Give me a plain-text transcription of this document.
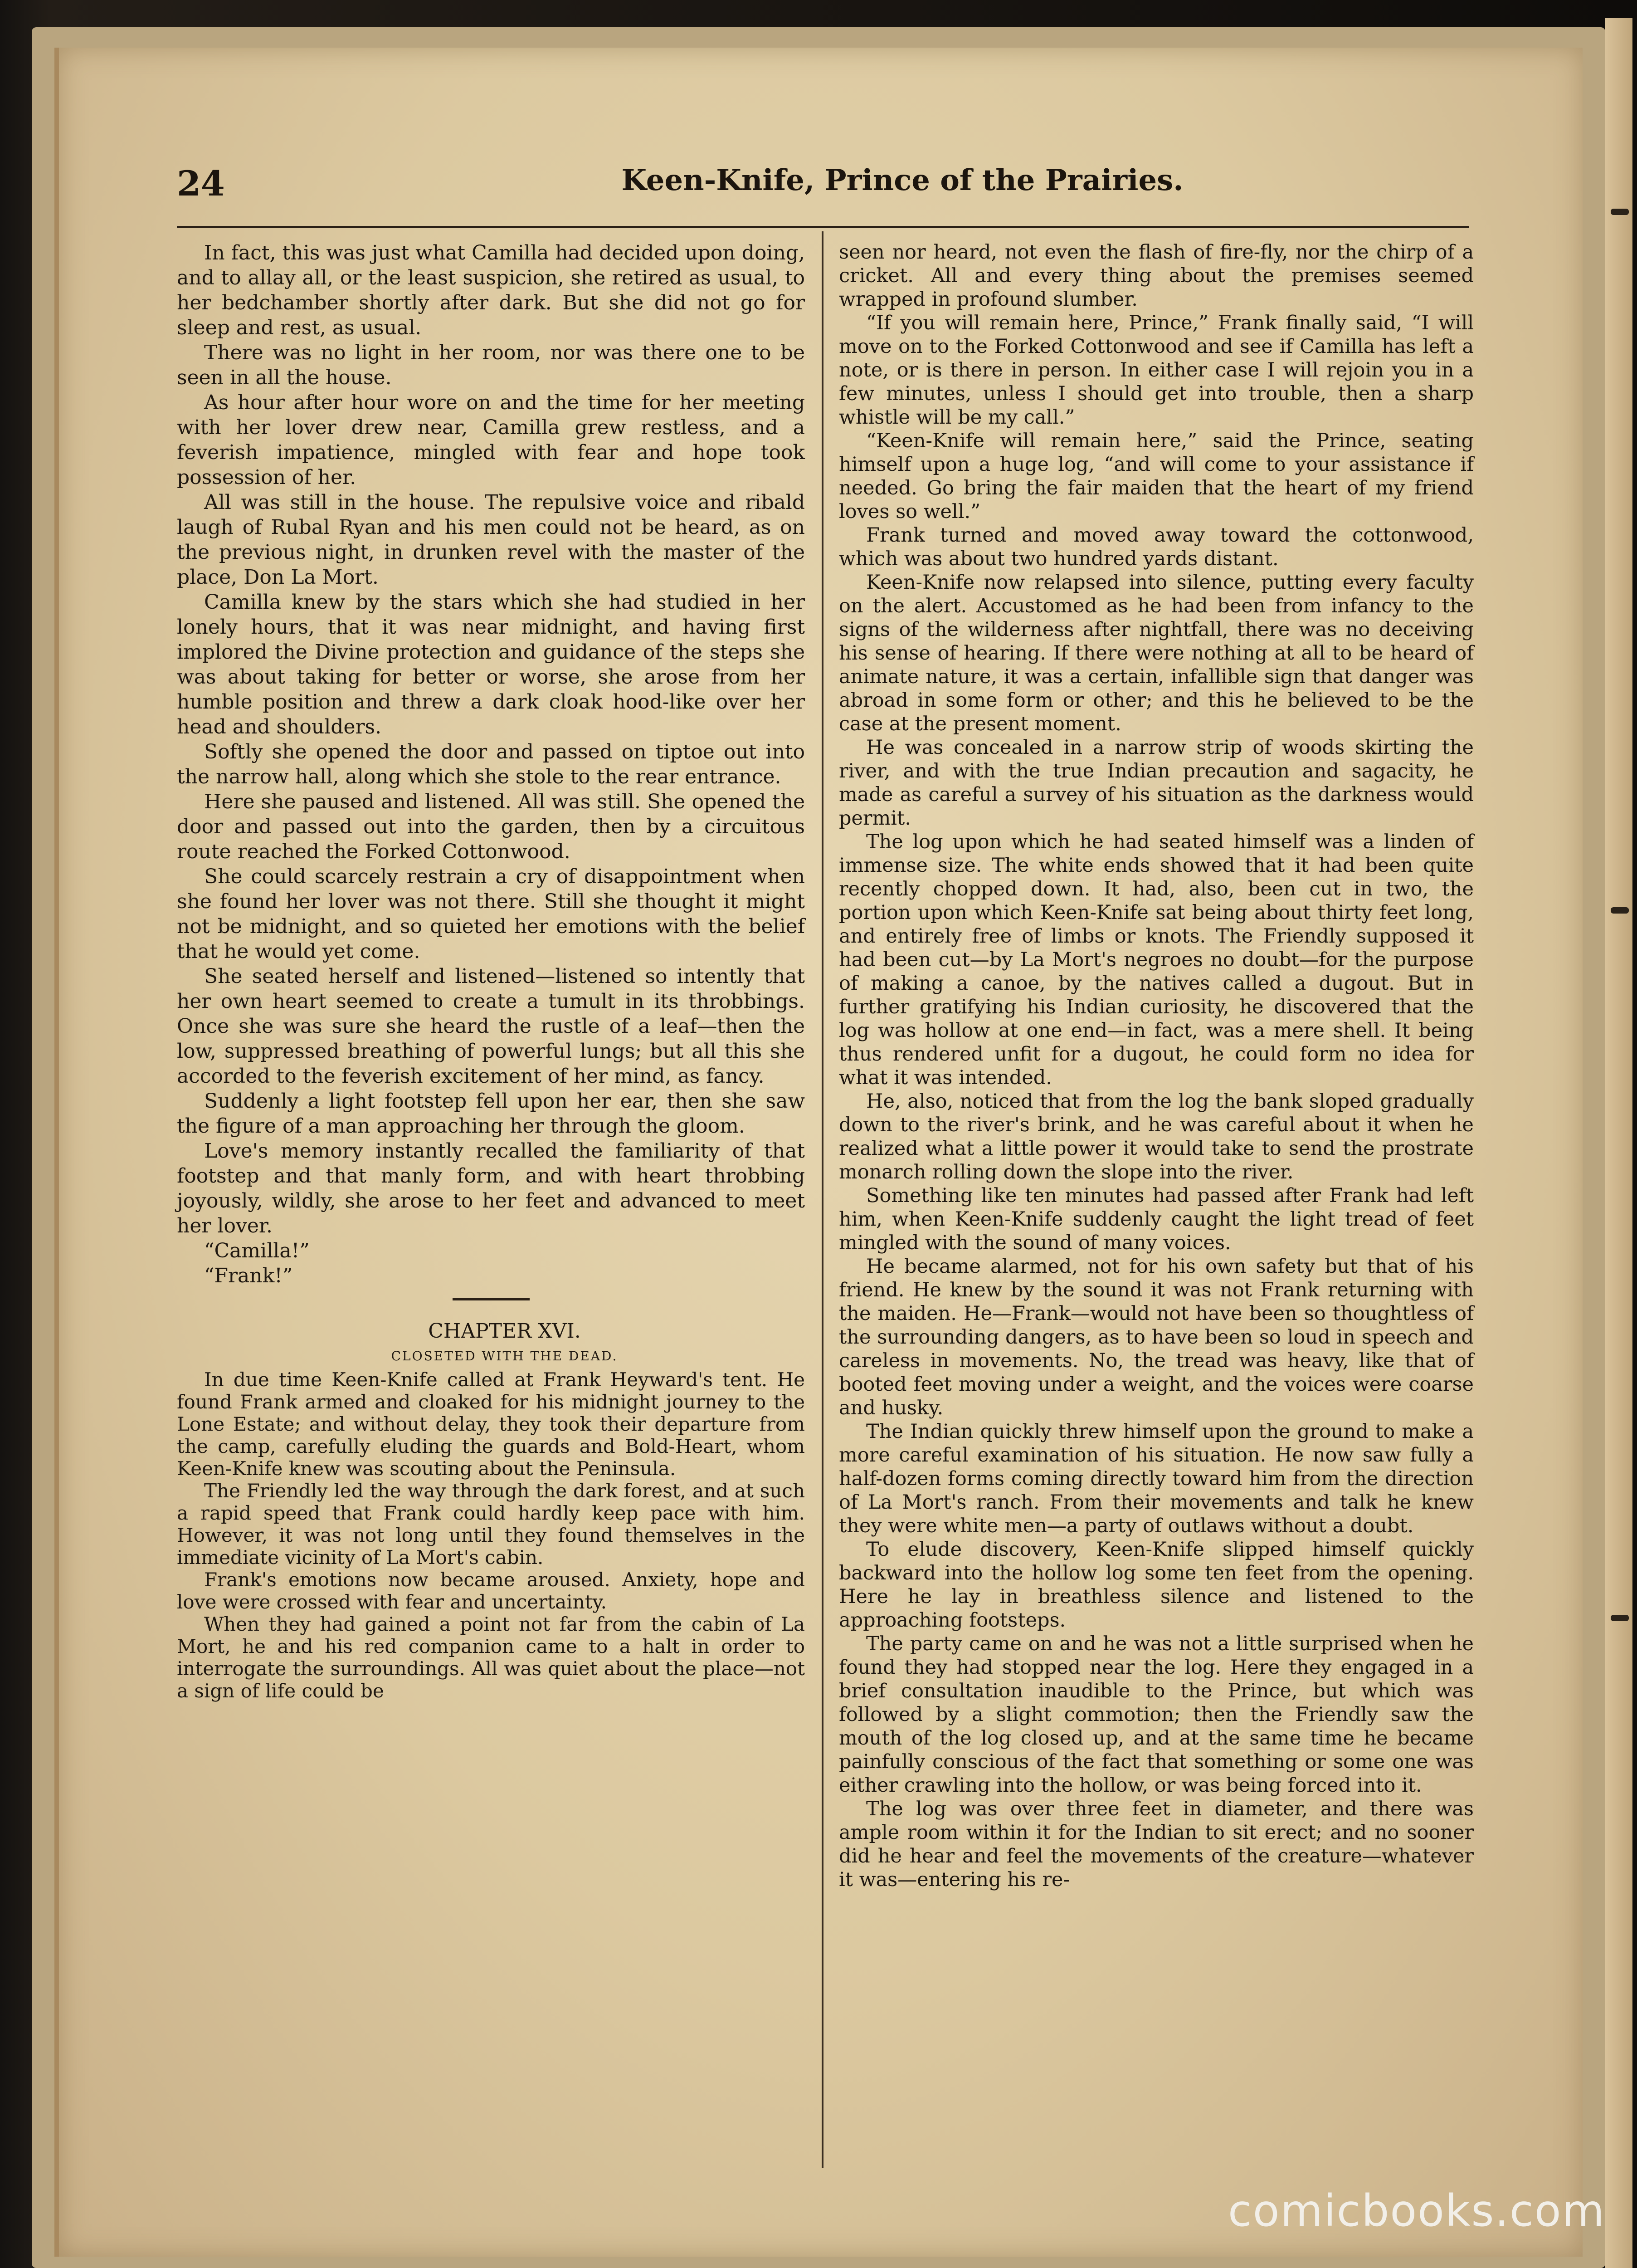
24	Keen-Knife, Prince of the Prairies.

In fact, this was just what Camilla had decided upon doing, and to allay all, or the least suspicion, she retired as usual, to her bedchamber shortly after dark. But she did not go for sleep and rest, as usual.

There was no light in her room, nor was there one to be seen in all the house.

As hour after hour wore on and the time for her meeting with her lover drew near, Camilla grew restless, and a feverish impatience, mingled with fear and hope took possession of her.

All was still in the house. The repulsive voice and ribald laugh of Rubal Ryan and his men could not be heard, as on the previous night, in drunken revel with the master of the place, Don La Mort.

Camilla knew by the stars which she had studied in her lonely hours, that it was near midnight, and having first implored the Divine protection and guidance of the steps she was about taking for better or worse, she arose from her humble position and threw a dark cloak hood-like over her head and shoulders.

Softly she opened the door and passed on tiptoe out into the narrow hall, along which she stole to the rear entrance.

Here she paused and listened. All was still. She opened the door and passed out into the garden, then by a circuitous route reached the Forked Cottonwood.

She could scarcely restrain a cry of disappointment when she found her lover was not there. Still she thought it might not be midnight, and so quieted her emotions with the belief that he would yet come.

She seated herself and listened—listened so intently that her own heart seemed to create a tumult in its throbbings. Once she was sure she heard the rustle of a leaf—then the low, suppressed breathing of powerful lungs; but all this she accorded to the feverish excitement of her mind, as fancy.

Suddenly a light footstep fell upon her ear, then she saw the figure of a man approaching her through the gloom.

Love's memory instantly recalled the familiarity of that footstep and that manly form, and with heart throbbing joyously, wildly, she arose to her feet and advanced to meet her lover.

“Camilla!”

“Frank!”

CHAPTER XVI.

CLOSETED WITH THE DEAD.

In due time Keen-Knife called at Frank Heyward's tent. He found Frank armed and cloaked for his midnight journey to the Lone Estate; and without delay, they took their departure from the camp, carefully eluding the guards and Bold-Heart, whom Keen-Knife knew was scouting about the Peninsula.

The Friendly led the way through the dark forest, and at such a rapid speed that Frank could hardly keep pace with him. However, it was not long until they found themselves in the immediate vicinity of La Mort's cabin.

Frank's emotions now became aroused. Anxiety, hope and love were crossed with fear and uncertainty.

When they had gained a point not far from the cabin of La Mort, he and his red companion came to a halt in order to interrogate the surroundings. All was quiet about the place—not a sign of life could be

seen nor heard, not even the flash of fire-fly, nor the chirp of a cricket. All and every thing about the premises seemed wrapped in profound slumber.

“If you will remain here, Prince,” Frank finally said, “I will move on to the Forked Cottonwood and see if Camilla has left a note, or is there in person. In either case I will rejoin you in a few minutes, unless I should get into trouble, then a sharp whistle will be my call.”

“Keen-Knife will remain here,” said the Prince, seating himself upon a huge log, “and will come to your assistance if needed. Go bring the fair maiden that the heart of my friend loves so well.”

Frank turned and moved away toward the cottonwood, which was about two hundred yards distant.

Keen-Knife now relapsed into silence, putting every faculty on the alert. Accustomed as he had been from infancy to the signs of the wilderness after nightfall, there was no deceiving his sense of hearing. If there were nothing at all to be heard of animate nature, it was a certain, infallible sign that danger was abroad in some form or other; and this he believed to be the case at the present moment.

He was concealed in a narrow strip of woods skirting the river, and with the true Indian precaution and sagacity, he made as careful a survey of his situation as the darkness would permit.

The log upon which he had seated himself was a linden of immense size. The white ends showed that it had been quite recently chopped down. It had, also, been cut in two, the portion upon which Keen-Knife sat being about thirty feet long, and entirely free of limbs or knots. The Friendly supposed it had been cut—by La Mort's negroes no doubt—for the purpose of making a canoe, by the natives called a dugout. But in further gratifying his Indian curiosity, he discovered that the log was hollow at one end—in fact, was a mere shell. It being thus rendered unfit for a dugout, he could form no idea for what it was intended.

He, also, noticed that from the log the bank sloped gradually down to the river's brink, and he was careful about it when he realized what a little power it would take to send the prostrate monarch rolling down the slope into the river.

Something like ten minutes had passed after Frank had left him, when Keen-Knife suddenly caught the light tread of feet mingled with the sound of many voices.

He became alarmed, not for his own safety but that of his friend. He knew by the sound it was not Frank returning with the maiden. He—Frank—would not have been so thoughtless of the surrounding dangers, as to have been so loud in speech and careless in movements. No, the tread was heavy, like that of booted feet moving under a weight, and the voices were coarse and husky.

The Indian quickly threw himself upon the ground to make a more careful examination of his situation. He now saw fully a half-dozen forms coming directly toward him from the direction of La Mort's ranch. From their movements and talk he knew they were white men—a party of outlaws without a doubt.

To elude discovery, Keen-Knife slipped himself quickly backward into the hollow log some ten feet from the opening. Here he lay in breathless silence and listened to the approaching footsteps.

The party came on and he was not a little surprised when he found they had stopped near the log. Here they engaged in a brief consultation inaudible to the Prince, but which was followed by a slight commotion; then the Friendly saw the mouth of the log closed up, and at the same time he became painfully conscious of the fact that something or some one was either crawling into the hollow, or was being forced into it.

The log was over three feet in diameter, and there was ample room within it for the Indian to sit erect; and no sooner did he hear and feel the movements of the creature—whatever it was—entering his re-

comicbooks.com
